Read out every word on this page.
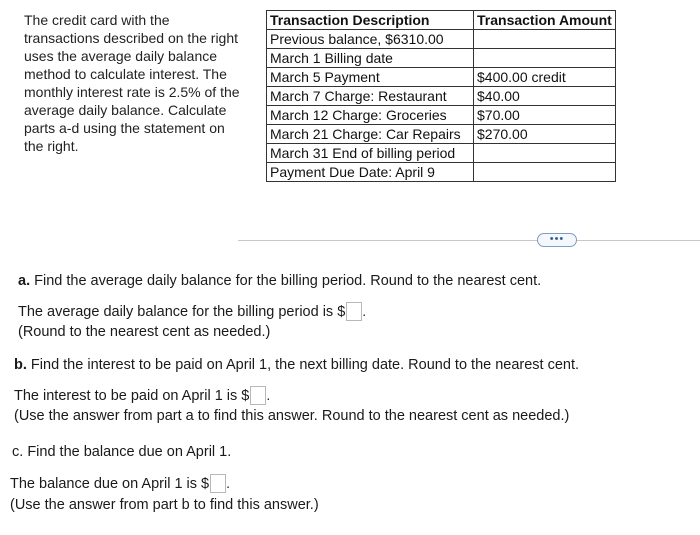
The credit card with the
transactions described on the right
uses the average daily balance
method to calculate interest. The
monthly interest rate is 2.5% of the
average daily balance. Calculate
parts a-d using the statement on
the right.
Transaction Description	Transaction Amount
Previous balance, $6310.00	
March 1 Billing date	
March 5 Payment	$400.00 credit
March 7 Charge: Restaurant	$40.00
March 12 Charge: Groceries	$70.00
March 21 Charge: Car Repairs	$270.00
March 31 End of billing period	
Payment Due Date: April 9	
•••
a. Find the average daily balance for the billing period. Round to the nearest cent.
The average daily balance for the billing period is $ .
(Round to the nearest cent as needed.)
b. Find the interest to be paid on April 1, the next billing date. Round to the nearest cent.
The interest to be paid on April 1 is $ .
(Use the answer from part a to find this answer. Round to the nearest cent as needed.)
c. Find the balance due on April 1.
The balance due on April 1 is $ .
(Use the answer from part b to find this answer.)
